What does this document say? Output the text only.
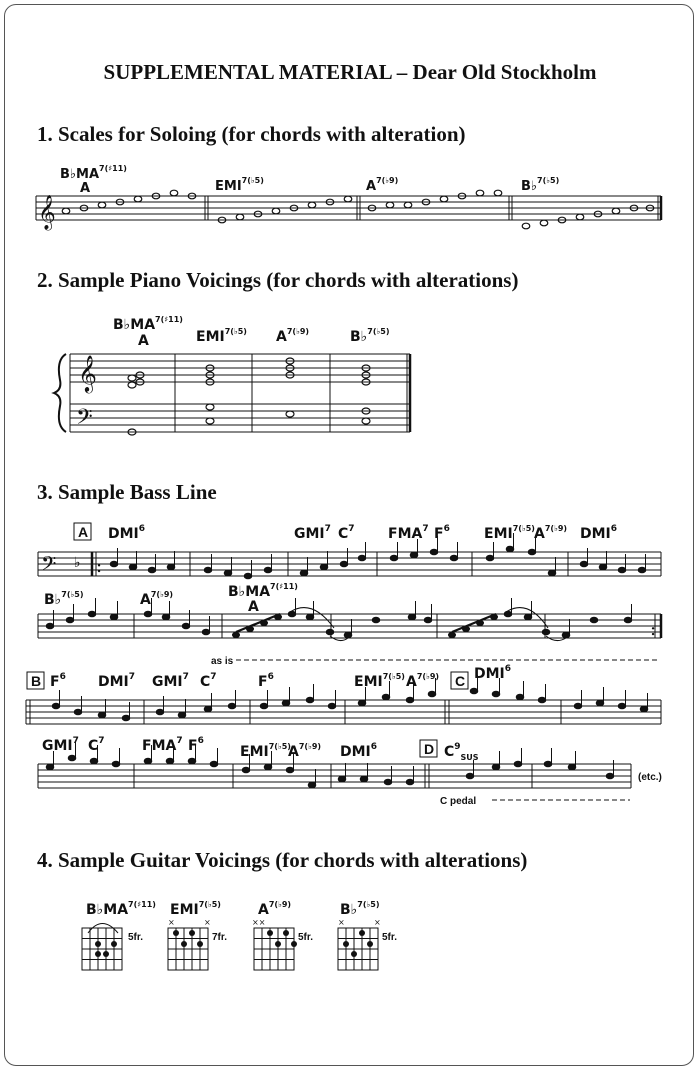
SUPPLEMENTAL MATERIAL – Dear Old Stockholm
1. Scales for Soloing (for chords with alteration)
2. Sample Piano Voicings (for chords with alterations)
3. Sample Bass Line
4. Sample Guitar Voicings (for chords with alterations)
𝄞
𝄞
𝄢
𝄢 ♭ :
:
A
B	C
D
as is
C pedal
(etc.)
$B♭MA^{7(♯11)}$
A	$EMI^{7(♭5)}$	$A^{7(♭9)}$	B♭$^{7(♭5)}$
$B♭MA^{7(♯11)}$
A	$EMI^{7(♭5)}$ $A^{7(♭9)}$	B♭$^{7(♭5)}$
DMI$^6$	GMI$^7$ $C^7$ FMA$^7$ $F^6$ $EMI^{7(♭5)}$ $A^{7(♭9)}$ DMI$^6$
B♭$^{7(♭5)}$	$A^{7(♭9)}$	$B♭MA^{7(♯11)}$
A
$F^6$ DMI$^7$ GMI$^7$ $C^7$	$F^6$	$EMI^{7(♭5)}$ $A^{7(♭9)}$ DMI$^6$
GMI$^7$ $C^7$	FMA$^7$ $F^6$
$EMI^{7(♭5)}$
$A^{7(♭9)}$ DMI$^6$	$C^9_{SUS}$
$B♭MA^{7(♯11)}$
5fr.
$EMI^{7(♭5)}$
×	×
7fr.
$A^{7(♭9)}$
××
5fr.
B♭$^{7(♭5)}$
×	×
5fr.
